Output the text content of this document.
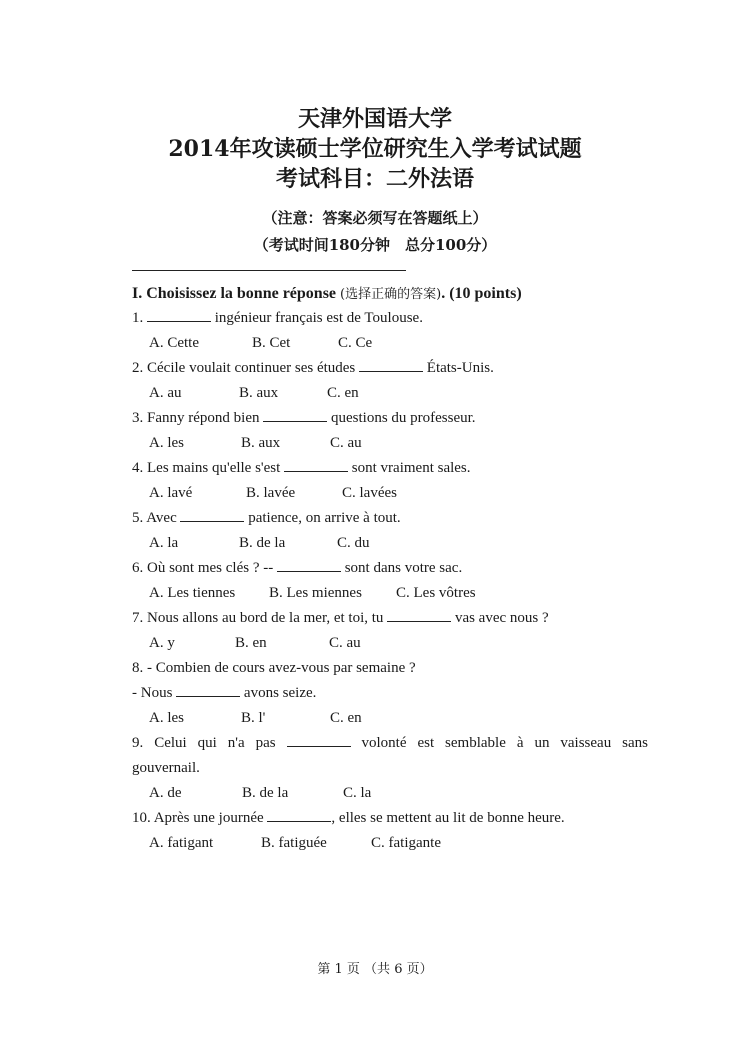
天津外国语大学
2014年攻读硕士学位研究生入学考试试题
考试科目：二外法语
（注意：答案必须写在答题纸上）
（考试时间180分钟　总分100分）
I. Choisissez la bonne réponse (选择正确的答案). (10 points)
1.	ingénieur français est de Toulouse.
A. Cette	B. Cet	C. Ce
2. Cécile voulait continuer ses études	États-Unis.
A. au	B. aux	C. en
3. Fanny répond bien	questions du professeur.
A. les	B. aux	C. au
4. Les mains qu'elle s'est	sont vraiment sales.
A. lavé	B. lavée	C. lavées
5. Avec	patience, on arrive à tout.
A. la	B. de la	C. du
6. Où sont mes clés ? --	sont dans votre sac.
A. Les tiennes B. Les miennes C. Les vôtres
7. Nous allons au bord de la mer, et toi, tu	vas avec nous ?
A. y	B. en	C. au
8. - Combien de cours avez-vous par semaine ?
- Nous	avons seize.
A. les	B. l'	C. en
9. Celui qui n'a pas	volonté est semblable à un vaisseau sans
gouvernail.
A. de	B. de la	C. la
10. Après une journée	, elles se mettent au lit de bonne heure.
A. fatigant	B. fatiguée	C. fatigante
第 1 页 （共 6 页）
